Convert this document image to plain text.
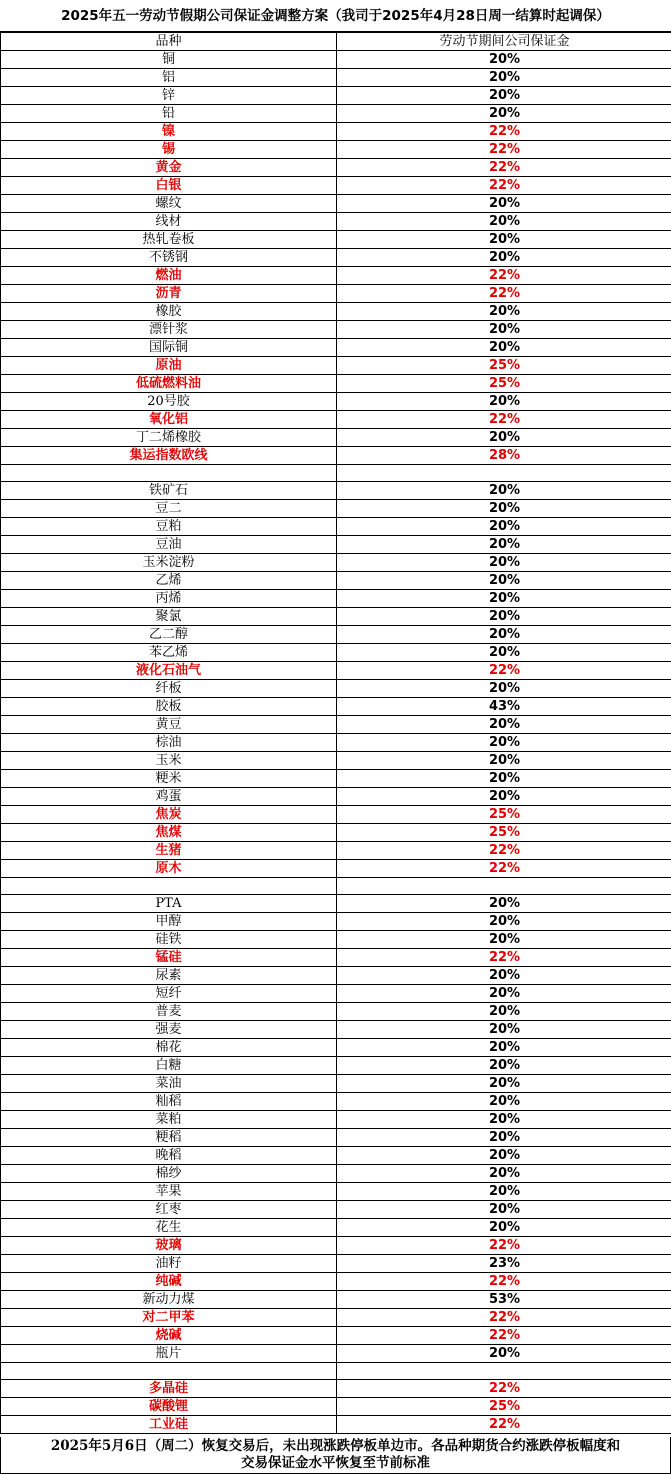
2025年五一劳动节假期公司保证金调整方案（我司于2025年4月28日周一结算时起调保）
品种	劳动节期间公司保证金
铜	20%
铝	20%
锌	20%
铅	20%
镍	22%
锡	22%
黄金	22%
白银	22%
螺纹	20%
线材	20%
热轧卷板	20%
不锈钢	20%
燃油	22%
沥青	22%
橡胶	20%
漂针浆	20%
国际铜	20%
原油	25%
低硫燃料油	25%
20号胶	20%
氧化铝	22%
丁二烯橡胶	20%
集运指数欧线	28%

铁矿石	20%
豆二	20%
豆粕	20%
豆油	20%
玉米淀粉	20%
乙烯	20%
丙烯	20%
聚氯	20%
乙二醇	20%
苯乙烯	20%
液化石油气	22%
纤板	20%
胶板	43%
黄豆	20%
棕油	20%
玉米	20%
粳米	20%
鸡蛋	20%
焦炭	25%
焦煤	25%
生猪	22%
原木	22%

PTA	20%
甲醇	20%
硅铁	20%
锰硅	22%
尿素	20%
短纤	20%
普麦	20%
强麦	20%
棉花	20%
白糖	20%
菜油	20%
籼稻	20%
菜粕	20%
粳稻	20%
晚稻	20%
棉纱	20%
苹果	20%
红枣	20%
花生	20%
玻璃	22%
油籽	23%
纯碱	22%
新动力煤	53%
对二甲苯	22%
烧碱	22%
瓶片	20%

多晶硅	22%
碳酸锂	25%
工业硅	22%
2025年5月6日（周二）恢复交易后，未出现涨跌停板单边市。各品种期货合约涨跌停板幅度和
交易保证金水平恢复至节前标准
